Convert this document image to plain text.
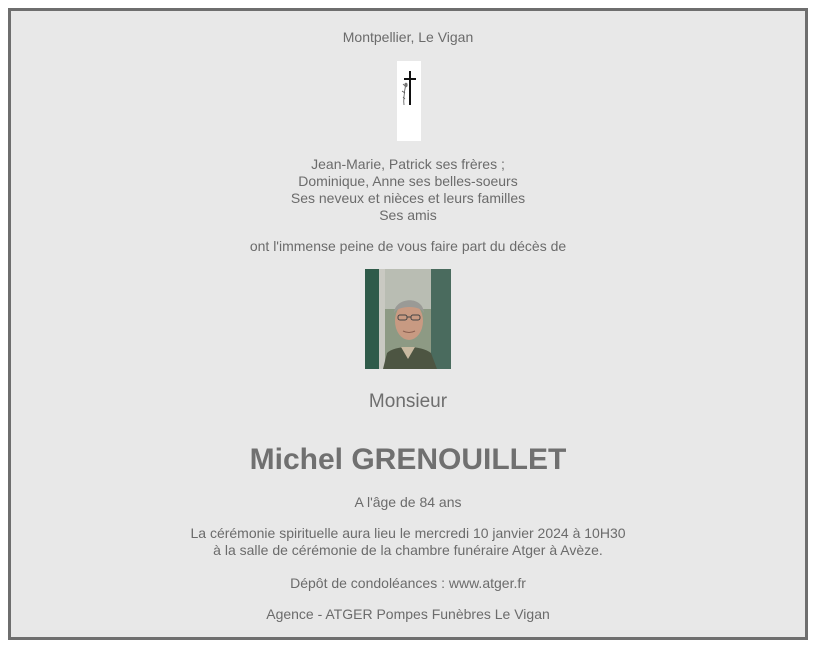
Montpellier, Le Vigan
Jean-Marie, Patrick ses frères ;
Dominique, Anne ses belles-soeurs
Ses neveux et nièces et leurs familles
Ses amis
ont l'immense peine de vous faire part du décès de
Monsieur
Michel GRENOUILLET
A l'âge de 84 ans
La cérémonie spirituelle aura lieu le mercredi 10 janvier 2024 à 10H30
à la salle de cérémonie de la chambre funéraire Atger à Avèze.
Dépôt de condoléances : www.atger.fr
Agence - ATGER Pompes Funèbres Le Vigan
